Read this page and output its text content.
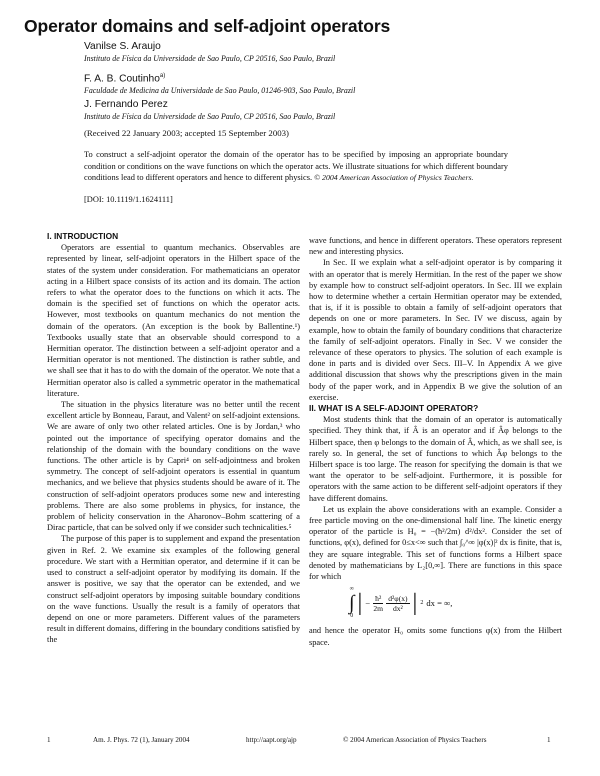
Operator domains and self-adjoint operators
Vanilse S. Araujo
Instituto de Física da Universidade de Sao Paulo, CP 20516, Sao Paulo, Brazil
F. A. B. Coutinho$^{a)}$
Faculdade de Medicina da Universidade de Sao Paulo, 01246-903, Sao Paulo, Brazil
J. Fernando Perez
Instituto de Física da Universidade de Sao Paulo, CP 20516, Sao Paulo, Brazil
(Received 22 January 2003; accepted 15 September 2003)
To construct a self-adjoint operator the domain of the operator has to be specified by imposing an appropriate boundary condition or conditions on the wave functions on which the operator acts. We illustrate situations for which different boundary conditions lead to different operators and hence to different physics. © 2004 American Association of Physics Teachers.
[DOI: 10.1119/1.1624111]

I. INTRODUCTION

Operators are essential to quantum mechanics. Observables are represented by linear, self-adjoint operators in the Hilbert space of the states of the system under consideration. For mathematicians an operator acting in a Hilbert space consists of its action and its domain. The action refers to what the operator does to the functions on which it acts. The domain is the specified set of functions on which the operator acts. However, most textbooks on quantum mechanics do not mention the domain of the operators. (An exception is the book by Ballentine.¹) Textbooks usually state that an observable should correspond to a Hermitian operator. The distinction between a self-adjoint operator and a Hermitian operator is not mentioned. The distinction is rather subtle, and we shall see that it has to do with the domain of the operator. We note that a Hermitian operator also is called a symmetric operator in the mathematical literature.

The situation in the physics literature was no better until the recent excellent article by Bonneau, Faraut, and Valent² on self-adjoint extensions. We are aware of only two other related articles. One is by Jordan,³ who pointed out the importance of specifying operator domains and the relationship of the domain with the boundary conditions on the wave functions. The other article is by Capri⁴ on self-adjointness and broken symmetry. The concept of self-adjoint operators is essential in quantum mechanics, and we believe that physics students should be aware of it. The construction of self-adjoint operators produces some new and interesting problems. There are also some problems in physics, for instance, the problem of helicity conservation in the Aharonov–Bohm scattering of a Dirac particle, that can be solved only if we consider such technicalities.⁵

The purpose of this paper is to supplement and expand the presentation given in Ref. 2. We examine six examples of the following general procedure. We start with a Hermitian operator, and determine if it can be used to construct a self-adjoint operator by modifying its domain. If the answer is positive, we say that the operator can be extended, and we construct self-adjoint operators by imposing suitable boundary conditions on the wave functions. Usually the result is a family of operators that depend on one or more parameters. Different values of the parameters result in different domains, differing in the boundary conditions satisfied by the

wave functions, and hence in different operators. These operators represent new and interesting physics.

In Sec. II we explain what a self-adjoint operator is by comparing it with an operator that is merely Hermitian. In the rest of the paper we show by example how to construct self-adjoint operators. In Sec. III we explain how to determine whether a certain Hermitian operator may be extended, that is, if it is possible to obtain a family of self-adjoint operators that depends on one or more parameters. In Sec. IV we discuss, again by example, how to obtain the family of boundary conditions that characterize the family of self-adjoint operators. Finally in Sec. V we consider the relevance of these operators to physics. The solution of each example is done in parts and is divided over Secs. III–V. In Appendix A we give additional discussion that shows why the prescriptions given in the main body of the paper work, and in Appendix B we give the solution of an exercise.

II. WHAT IS A SELF-ADJOINT OPERATOR?

Most students think that the domain of an operator is automatically specified. They think that, if Â is an operator and if Âφ belongs to the Hilbert space, then φ belongs to the domain of Â, which, as we shall see, is rarely so. In general, the set of functions to which Âφ belongs to the Hilbert space is too large. The reason for specifying the domain is that we want the operator to be self-adjoint. Furthermore, it is possible for operators with the same action to be different self-adjoint operators if they have different domains.

Let us explain the above considerations with an example. Consider a free particle moving on the one-dimensional half line. The kinetic energy operator of the particle is H₀ = −(ħ²/2m) d²/dx². Consider the set of functions, φ(x), defined for 0≤x<∞ such that ∫₀^∞ |φ(x)|² dx is finite, that is, they are square integrable. This set of functions forms a Hilbert space denoted by mathematicians by L₂[0,∞]. There are functions in this space for which

∞
∫
0 | − $\frac{\text{ħ²}}{2m} \frac{\text{d²φ(x)}}{\text{dx²}}$ | 2 dx = ∞,

and hence the operator H₀ omits some functions φ(x) from the Hilbert space.

1	Am. J. Phys. 72 (1), January 2004	http://aapt.org/ajp	© 2004 American Association of Physics Teachers	1
